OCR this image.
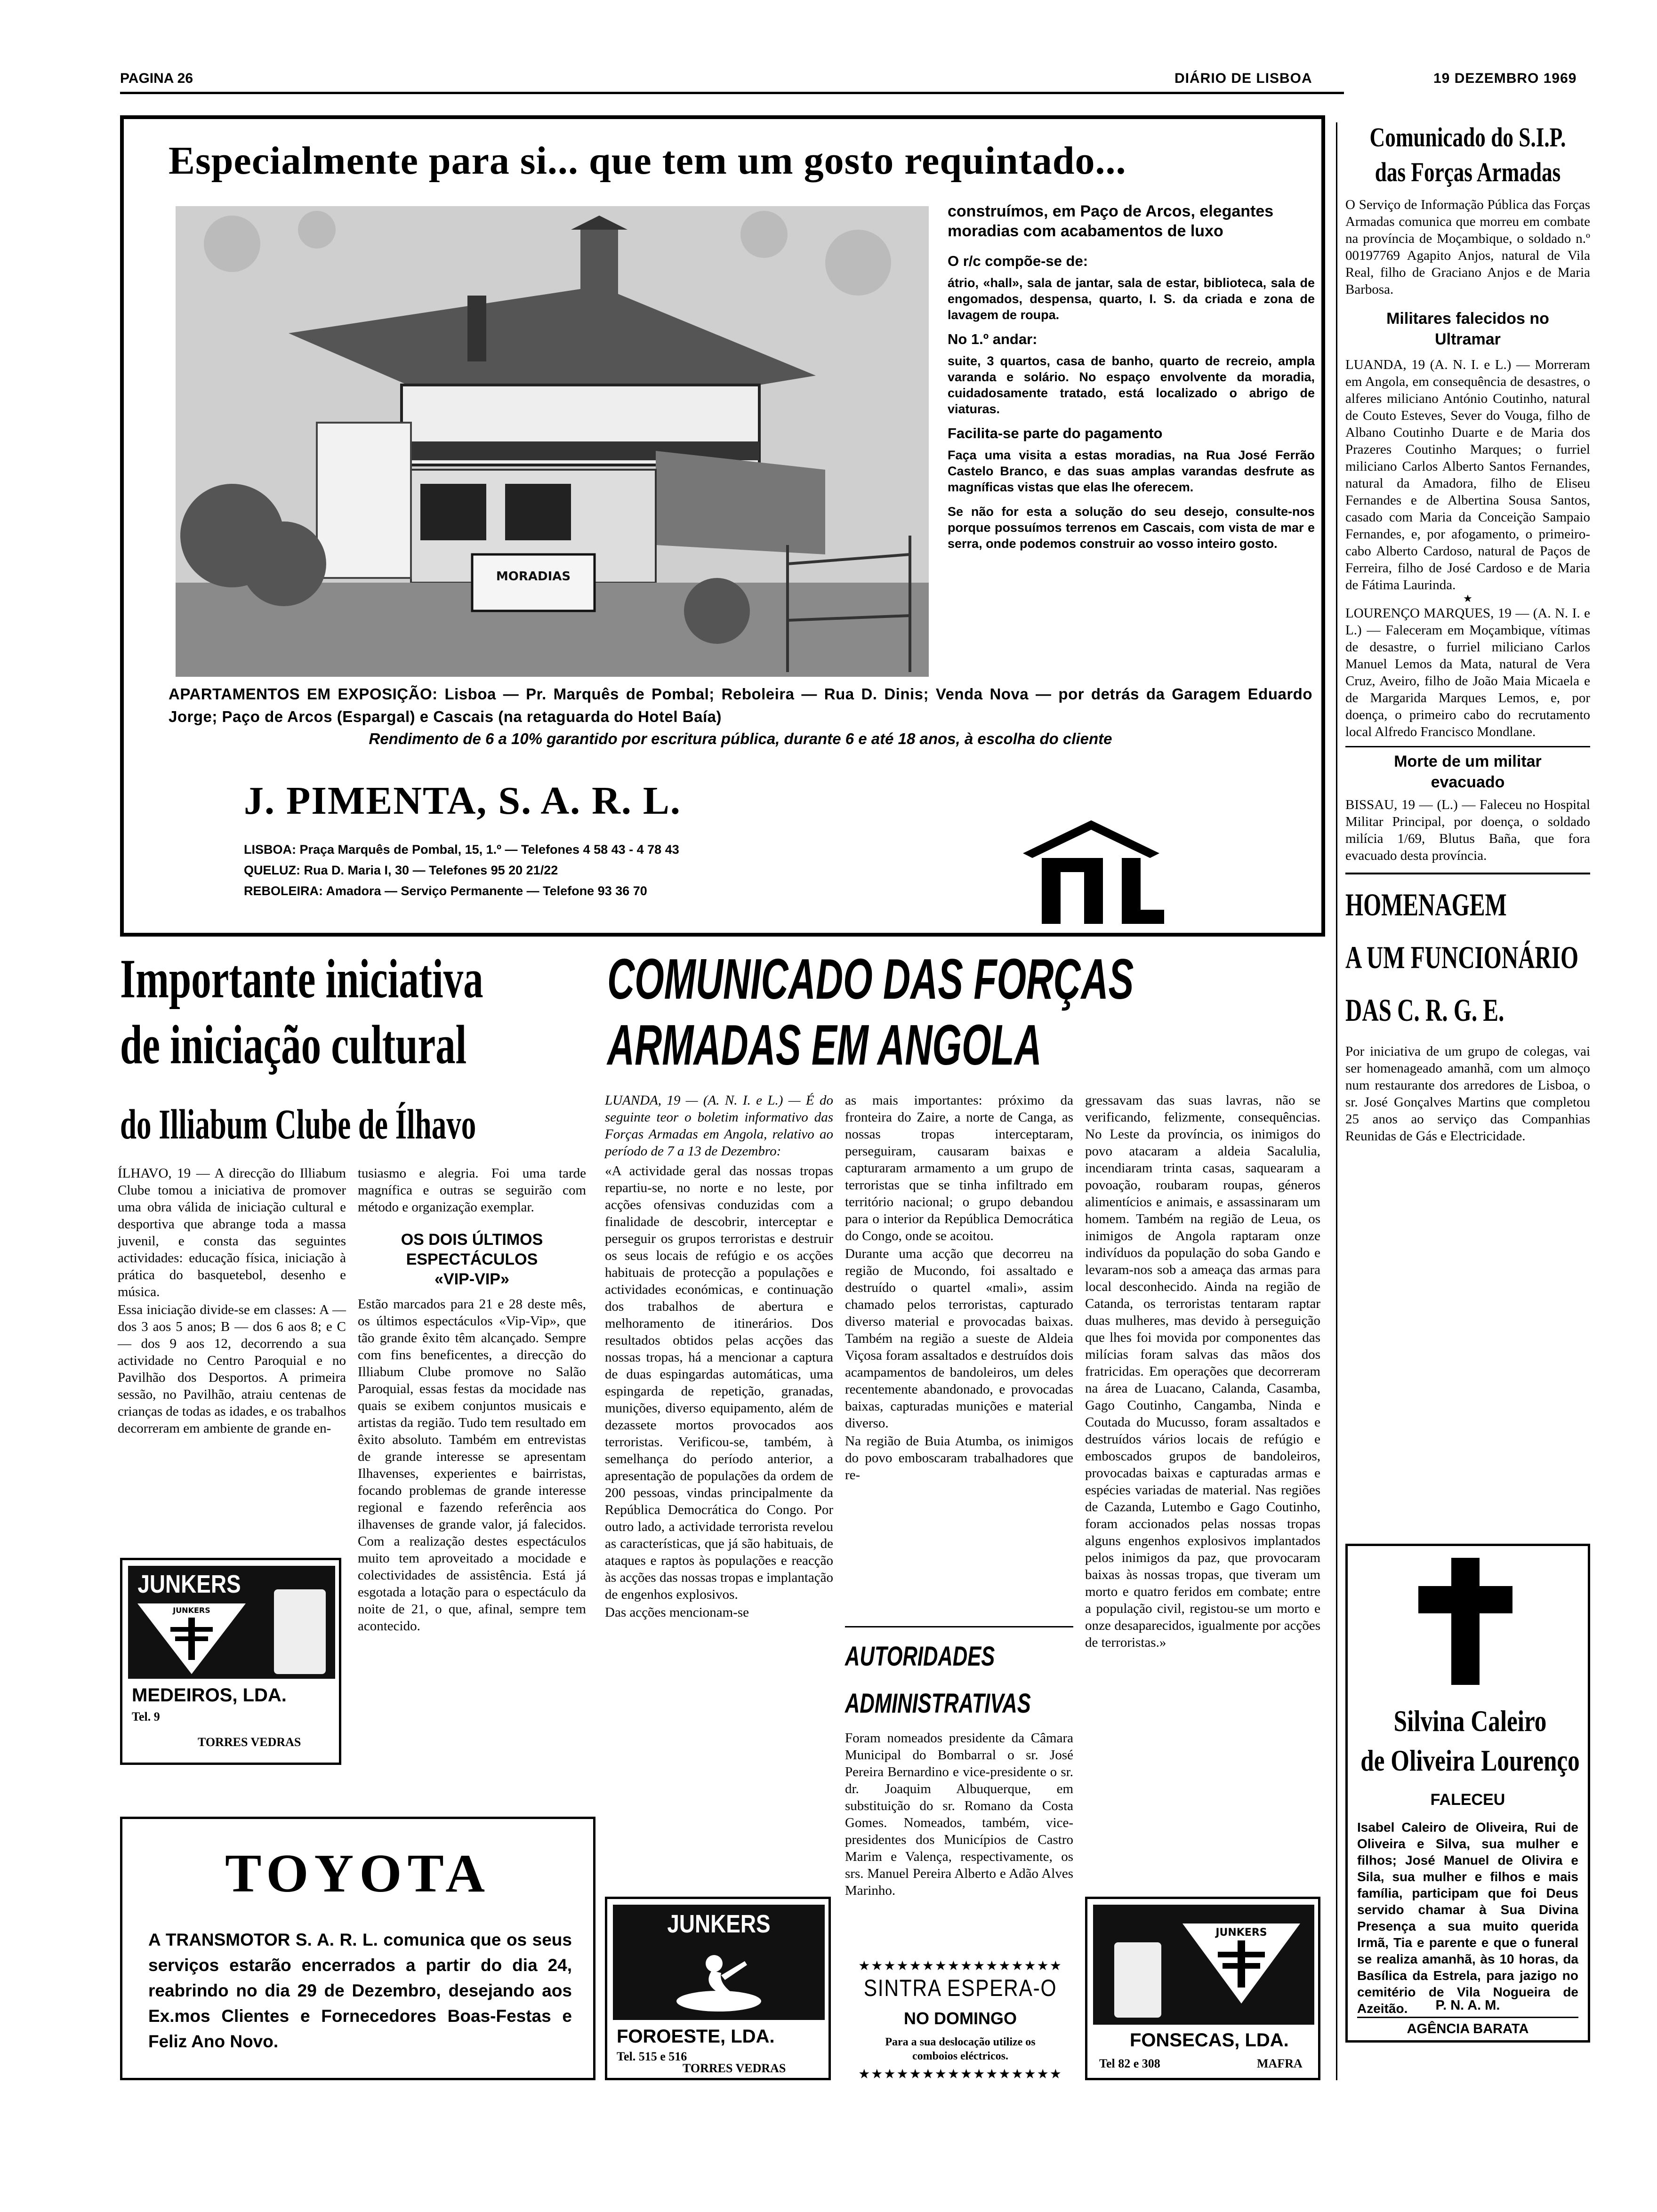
PAGINA 26	DIÁRIO DE LISBOA	19 DEZEMBRO 1969
Especialmente para si... que tem um gosto requintado...
MORADIAS
construímos, em Paço de Arcos, elegantes moradias com acabamentos de luxo
O r/c compõe-se de:
átrio, «hall», sala de jantar, sala de estar, biblioteca, sala de engomados, despensa, quarto, I. S. da criada e zona de lavagem de roupa.
No 1.º andar:
suite, 3 quartos, casa de banho, quarto de recreio, ampla varanda e solário. No espaço envolvente da moradia, cuidadosamente tratado, está localizado o abrigo de viaturas.
Facilita-se parte do pagamento
Faça uma visita a estas moradias, na Rua José Ferrão Castelo Branco, e das suas amplas varandas desfrute as magníficas vistas que elas lhe oferecem.
Se não for esta a solução do seu desejo, consulte-nos porque possuímos terrenos em Cascais, com vista de mar e serra, onde podemos construir ao vosso inteiro gosto.
APARTAMENTOS EM EXPOSIÇÃO: Lisboa — Pr. Marquês de Pombal; Reboleira — Rua D. Dinis; Venda Nova — por detrás da Garagem Eduardo Jorge; Paço de Arcos (Espargal) e Cascais (na retaguarda do Hotel Baía)
Rendimento de 6 a 10% garantido por escritura pública, durante 6 e até 18 anos, à escolha do cliente
J. PIMENTA, S. A. R. L.
LISBOA: Praça Marquês de Pombal, 15, 1.º — Telefones 4 58 43 - 4 78 43
QUELUZ: Rua D. Maria I, 30 — Telefones 95 20 21/22
REBOLEIRA: Amadora — Serviço Permanente — Telefone 93 36 70
Comunicado do S.I.P.
das Forças Armadas
O Serviço de Informação Pública das Forças Armadas comunica que morreu em combate na província de Moçambique, o soldado n.º 00197769 Agapito Anjos, natural de Vila Real, filho de Graciano Anjos e de Maria Barbosa.
Militares falecidos no Ultramar
LUANDA, 19 (A. N. I. e L.) — Morreram em Angola, em consequência de desastres, o alferes miliciano António Coutinho, natural de Couto Esteves, Sever do Vouga, filho de Albano Coutinho Duarte e de Maria dos Prazeres Coutinho Marques; o furriel miliciano Carlos Alberto Santos Fernandes, natural da Amadora, filho de Eliseu Fernandes e de Albertina Sousa Santos, casado com Maria da Conceição Sampaio Fernandes, e, por afogamento, o primeiro-cabo Alberto Cardoso, natural de Paços de Ferreira, filho de José Cardoso e de Maria de Fátima Laurinda.
★
LOURENÇO MARQUES, 19 — (A. N. I. e L.) — Faleceram em Moçambique, vítimas de desastre, o furriel miliciano Carlos Manuel Lemos da Mata, natural de Vera Cruz, Aveiro, filho de João Maia Micaela e de Margarida Marques Lemos, e, por doença, o primeiro cabo do recrutamento local Alfredo Francisco Mondlane.
Morte de um militar evacuado
BISSAU, 19 — (L.) — Faleceu no Hospital Militar Principal, por doença, o soldado milícia 1/69, Blutus Baña, que fora evacuado desta província.
HOMENAGEM
A UM FUNCIONÁRIO
DAS C. R. G. E.
Por iniciativa de um grupo de colegas, vai ser homenageado amanhã, com um almoço num restaurante dos arredores de Lisboa, o sr. José Gonçalves Martins que completou 25 anos ao serviço das Companhias Reunidas de Gás e Electricidade.
Silvina Caleiro
de Oliveira Lourenço
FALECEU
Isabel Caleiro de Oliveira, Rui de Oliveira e Silva, sua mulher e filhos; José Manuel de Olivira e Sila, sua mulher e filhos e mais família, participam que foi Deus servido chamar à Sua Divina Presença a sua muito querida Irmã, Tia e parente e que o funeral se realiza amanhã, às 10 horas, da Basílica da Estrela, para jazigo no cemitério de Vila Nogueira de Azeitão.	P. N. A. M.
AGÊNCIA BARATA
Importante iniciativa
de iniciação cultural
do Illiabum Clube de Ílhavo

ÍLHAVO, 19 — A direcção do Illiabum Clube tomou a iniciativa de promover uma obra válida de iniciação cultural e desportiva que abrange toda a massa juvenil, e consta das seguintes actividades: educação física, iniciação à prática do basquetebol, desenho e música.

Essa iniciação divide-se em classes: A — dos 3 aos 5 anos; B — dos 6 aos 8; e C — dos 9 aos 12, decorrendo a sua actividade no Centro Paroquial e no Pavilhão dos Desportos. A primeira sessão, no Pavilhão, atraiu centenas de crianças de todas as idades, e os trabalhos decorreram em ambiente de grande en-

tusiasmo e alegria. Foi uma tarde magnífica e outras se seguirão com método e organização exemplar.

OS DOIS ÚLTIMOS
ESPECTÁCULOS
«VIP-VIP»

Estão marcados para 21 e 28 deste mês, os últimos espectáculos «Vip-Vip», que tão grande êxito têm alcançado. Sempre com fins beneficentes, a direcção do Illiabum Clube promove no Salão Paroquial, essas festas da mocidade nas quais se exibem conjuntos musicais e artistas da região. Tudo tem resultado em êxito absoluto. Também em entrevistas de grande interesse se apresentam Ilhavenses, experientes e bairristas, focando problemas de grande interesse regional e fazendo referência aos ilhavenses de grande valor, já falecidos. Com a realização destes espectáculos muito tem aproveitado a mocidade e colectividades de assistência. Está já esgotada a lotação para o espectáculo da noite de 21, o que, afinal, sempre tem acontecido.

JUNKERS
JUNKERS
MEDEIROS, LDA.
Tel. 9
TORRES VEDRAS
TOYOTA
A TRANSMOTOR S. A. R. L. comunica que os seus serviços estarão encerrados a partir do dia 24, reabrindo no dia 29 de Dezembro, desejando aos Ex.mos Clientes e Fornecedores Boas-Festas e Feliz Ano Novo.
COMUNICADO DAS FORÇAS
ARMADAS EM ANGOLA

LUANDA, 19 — (A. N. I. e L.) — É do seguinte teor o boletim informativo das Forças Armadas em Angola, relativo ao período de 7 a 13 de Dezembro:

«A actividade geral das nossas tropas repartiu-se, no norte e no leste, por acções ofensivas conduzidas com a finalidade de descobrir, interceptar e perseguir os grupos terroristas e destruir os seus locais de refúgio e os acções habituais de protecção a populações e actividades económicas, e continuação dos trabalhos de abertura e melhoramento de itinerários. Dos resultados obtidos pelas acções das nossas tropas, há a mencionar a captura de duas espingardas automáticas, uma espingarda de repetição, granadas, munições, diverso equipamento, além de dezassete mortos provocados aos terroristas. Verificou-se, também, à semelhança do período anterior, a apresentação de populações da ordem de 200 pessoas, vindas principalmente da República Democrática do Congo. Por outro lado, a actividade terrorista revelou as características, que já são habituais, de ataques e raptos às populações e reacção às acções das nossas tropas e implantação de engenhos explosivos.

Das acções mencionam-se

as mais importantes: próximo da fronteira do Zaire, a norte de Canga, as nossas tropas interceptaram, perseguiram, causaram baixas e capturaram armamento a um grupo de terroristas que se tinha infiltrado em território nacional; o grupo debandou para o interior da República Democrática do Congo, onde se acoitou.

Durante uma acção que decorreu na região de Mucondo, foi assaltado e destruído o quartel «mali», assim chamado pelos terroristas, capturado diverso material e provocadas baixas. Também na região a sueste de Aldeia Viçosa foram assaltados e destruídos dois acampamentos de bandoleiros, um deles recentemente abandonado, e provocadas baixas, capturadas munições e material diverso.

Na região de Buia Atumba, os inimigos do povo emboscaram trabalhadores que re-

gressavam das suas lavras, não se verificando, felizmente, consequências. No Leste da província, os inimigos do povo atacaram a aldeia Sacalulia, incendiaram trinta casas, saquearam a povoação, roubaram roupas, géneros alimentícios e animais, e assassinaram um homem. Também na região de Leua, os inimigos de Angola raptaram onze indivíduos da população do soba Gando e levaram-nos sob a ameaça das armas para local desconhecido. Ainda na região de Catanda, os terroristas tentaram raptar duas mulheres, mas devido à perseguição que lhes foi movida por componentes das milícias foram salvas das mãos dos fratricidas. Em operações que decorreram na área de Luacano, Calanda, Casamba, Gago Coutinho, Cangamba, Ninda e Coutada do Mucusso, foram assaltados e destruídos vários locais de refúgio e emboscados grupos de bandoleiros, provocadas baixas e capturadas armas e espécies variadas de material. Nas regiões de Cazanda, Lutembo e Gago Coutinho, foram accionados pelas nossas tropas alguns engenhos explosivos implantados pelos inimigos da paz, que provocaram baixas às nossas tropas, que tiveram um morto e quatro feridos em combate; entre a população civil, registou-se um morto e onze desaparecidos, igualmente por acções de terroristas.»

AUTORIDADES
ADMINISTRATIVAS
Foram nomeados presidente da Câmara Municipal do Bombarral o sr. José Pereira Bernardino e vice-presidente o sr. dr. Joaquim Albuquerque, em substituição do sr. Romano da Costa Gomes. Nomeados, também, vice-presidentes dos Municípios de Castro Marim e Valença, respectivamente, os srs. Manuel Pereira Alberto e Adão Alves Marinho.
JUNKERS
FOROESTE, LDA.
Tel. 515 e 516
TORRES VEDRAS
★★★★★★★★★★★★★★★★
SINTRA ESPERA-O
NO DOMINGO
Para a sua deslocação utilize os comboios eléctricos.
★★★★★★★★★★★★★★★★
JUNKERS
FONSECAS, LDA.
Tel 82 e 308	MAFRA
